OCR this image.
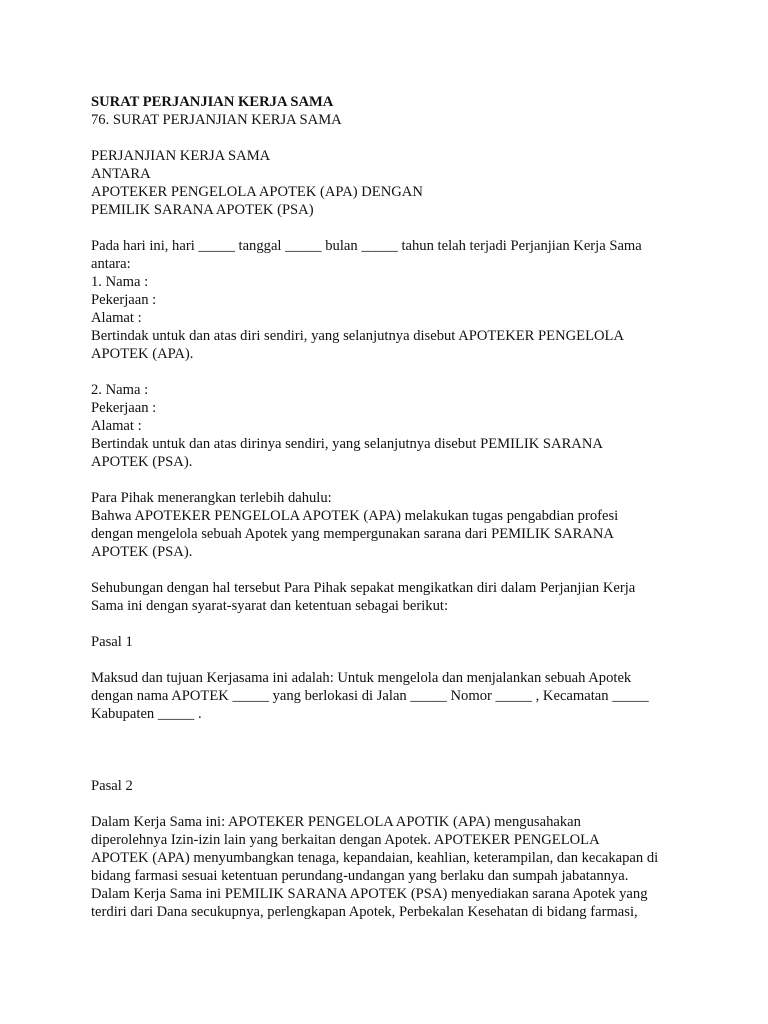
SURAT PERJANJIAN KERJA SAMA
76. SURAT PERJANJIAN KERJA SAMA
PERJANJIAN KERJA SAMA
ANTARA
APOTEKER PENGELOLA APOTEK (APA) DENGAN
PEMILIK SARANA APOTEK (PSA)
Pada hari ini, hari _____ tanggal _____ bulan _____ tahun telah terjadi Perjanjian Kerja Sama
antara:
1. Nama :
Pekerjaan :
Alamat :
Bertindak untuk dan atas diri sendiri, yang selanjutnya disebut APOTEKER PENGELOLA
APOTEK (APA).
2. Nama :
Pekerjaan :
Alamat :
Bertindak untuk dan atas dirinya sendiri, yang selanjutnya disebut PEMILIK SARANA
APOTEK (PSA).
Para Pihak menerangkan terlebih dahulu:
Bahwa APOTEKER PENGELOLA APOTEK (APA) melakukan tugas pengabdian profesi
dengan mengelola sebuah Apotek yang mempergunakan sarana dari PEMILIK SARANA
APOTEK (PSA).
Sehubungan dengan hal tersebut Para Pihak sepakat mengikatkan diri dalam Perjanjian Kerja
Sama ini dengan syarat-syarat dan ketentuan sebagai berikut:
Pasal 1
Maksud dan tujuan Kerjasama ini adalah: Untuk mengelola dan menjalankan sebuah Apotek
dengan nama APOTEK _____ yang berlokasi di Jalan _____ Nomor _____ , Kecamatan _____
Kabupaten _____ .
Pasal 2
Dalam Kerja Sama ini: APOTEKER PENGELOLA APOTIK (APA) mengusahakan
diperolehnya Izin-izin lain yang berkaitan dengan Apotek. APOTEKER PENGELOLA
APOTEK (APA) menyumbangkan tenaga, kepandaian, keahlian, keterampilan, dan kecakapan di
bidang farmasi sesuai ketentuan perundang-undangan yang berlaku dan sumpah jabatannya.
Dalam Kerja Sama ini PEMILIK SARANA APOTEK (PSA) menyediakan sarana Apotek yang
terdiri dari Dana secukupnya, perlengkapan Apotek, Perbekalan Kesehatan di bidang farmasi,
